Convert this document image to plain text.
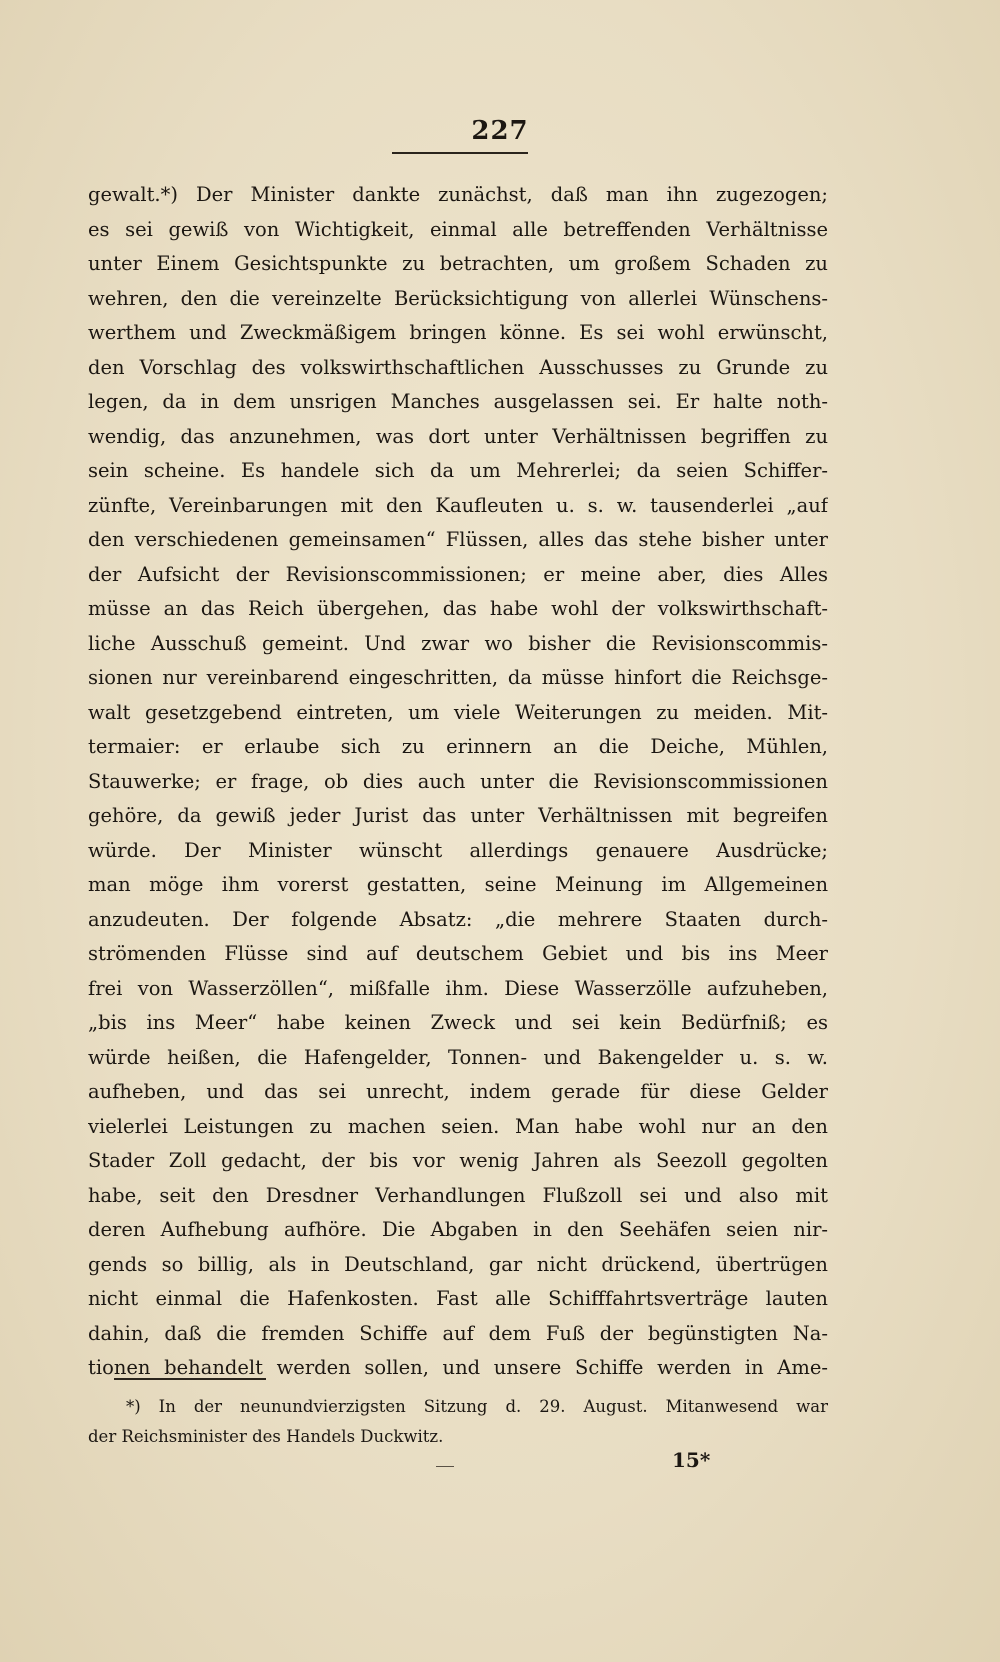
227
gewalt.*) Der Minister dankte zunächst, daß man ihn zugezogen;
es sei gewiß von Wichtigkeit, einmal alle betreffenden Verhältnisse
unter Einem Gesichtspunkte zu betrachten, um großem Schaden zu
wehren, den die vereinzelte Berücksichtigung von allerlei Wünschens-
werthem und Zweckmäßigem bringen könne. Es sei wohl erwünscht,
den Vorschlag des volkswirthschaftlichen Ausschusses zu Grunde zu
legen, da in dem unsrigen Manches ausgelassen sei. Er halte noth-
wendig, das anzunehmen, was dort unter Verhältnissen begriffen zu
sein scheine. Es handele sich da um Mehrerlei; da seien Schiffer-
zünfte, Vereinbarungen mit den Kaufleuten u. s. w. tausenderlei „auf
den verschiedenen gemeinsamen“ Flüssen, alles das stehe bisher unter
der Aufsicht der Revisionscommissionen; er meine aber, dies Alles
müsse an das Reich übergehen, das habe wohl der volkswirthschaft-
liche Ausschuß gemeint. Und zwar wo bisher die Revisionscommis-
sionen nur vereinbarend eingeschritten, da müsse hinfort die Reichsge-
walt gesetzgebend eintreten, um viele Weiterungen zu meiden. Mit-
termaier: er erlaube sich zu erinnern an die Deiche, Mühlen,
Stauwerke; er frage, ob dies auch unter die Revisionscommissionen
gehöre, da gewiß jeder Jurist das unter Verhältnissen mit begreifen
würde. Der Minister wünscht allerdings genauere Ausdrücke;
man möge ihm vorerst gestatten, seine Meinung im Allgemeinen
anzudeuten. Der folgende Absatz: „die mehrere Staaten durch-
strömenden Flüsse sind auf deutschem Gebiet und bis ins Meer
frei von Wasserzöllen“, mißfalle ihm. Diese Wasserzölle aufzuheben,
„bis ins Meer“ habe keinen Zweck und sei kein Bedürfniß; es
würde heißen, die Hafengelder, Tonnen- und Bakengelder u. s. w.
aufheben, und das sei unrecht, indem gerade für diese Gelder
vielerlei Leistungen zu machen seien. Man habe wohl nur an den
Stader Zoll gedacht, der bis vor wenig Jahren als Seezoll gegolten
habe, seit den Dresdner Verhandlungen Flußzoll sei und also mit
deren Aufhebung aufhöre. Die Abgaben in den Seehäfen seien nir-
gends so billig, als in Deutschland, gar nicht drückend, übertrügen
nicht einmal die Hafenkosten. Fast alle Schifffahrtsverträge lauten
dahin, daß die fremden Schiffe auf dem Fuß der begünstigten Na-
tionen behandelt werden sollen, und unsere Schiffe werden in Ame-
*) In der neunundvierzigsten Sitzung d. 29. August. Mitanwesend war
der Reichsminister des Handels Duckwitz.
15*
